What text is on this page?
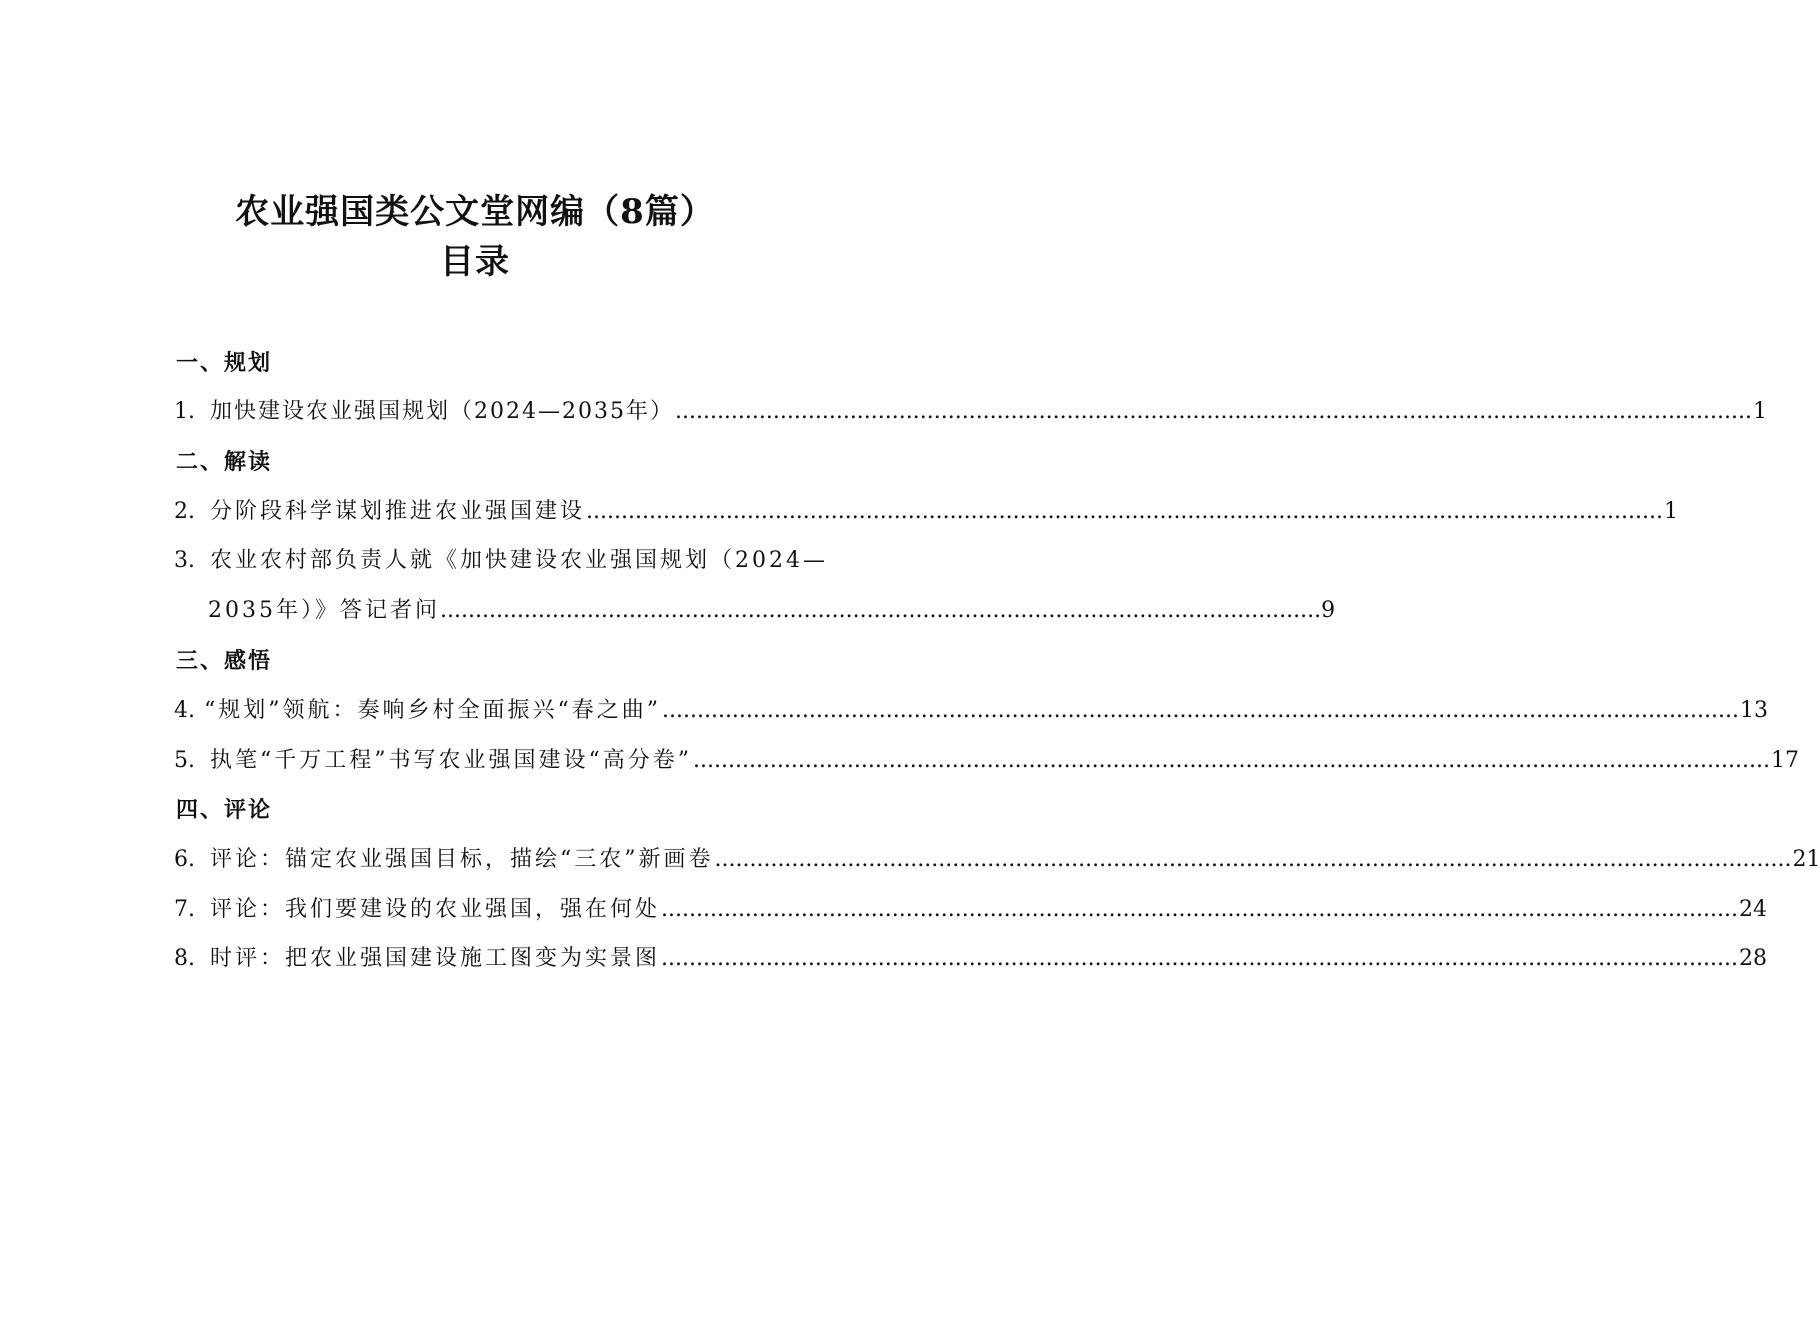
农业强国类公文堂网编（8篇）
目录
一、规划
1. 加快建设农业强国规划（2024—2035年） .....	1
二、解读
2. 分阶段科学谋划推进农业强国建设 .....	1
3. 农业农村部负责人就《加快建设农业强国规划（2024—
2035年）》答记者问 .............................................................................................................................. 9
三、感悟
4. “规划”领航：奏响乡村全面振兴“春之曲” .....	13
5. 执笔“千万工程”书写农业强国建设“高分卷” .....	17
四、评论
6. 评论：锚定农业强国目标，描绘“三农”新画卷 .....	21
7. 评论：我们要建设的农业强国，强在何处 .....	24
8. 时评：把农业强国建设施工图变为实景图 .....	28
